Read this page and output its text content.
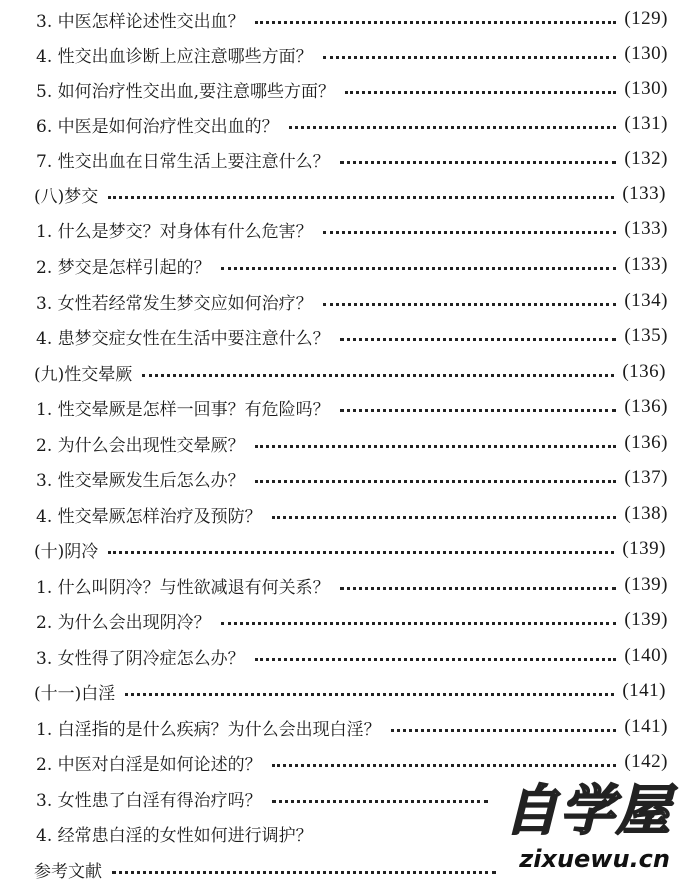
3. 中医怎样论述性交出血？	(129)
4. 性交出血诊断上应注意哪些方面？	(130)
5. 如何治疗性交出血,要注意哪些方面？	(130)
6. 中医是如何治疗性交出血的？	(131)
7. 性交出血在日常生活上要注意什么？	(132)
(八)梦交	(133)
1. 什么是梦交？对身体有什么危害？	(133)
2. 梦交是怎样引起的？	(133)
3. 女性若经常发生梦交应如何治疗？	(134)
4. 患梦交症女性在生活中要注意什么？	(135)
(九)性交晕厥	(136)
1. 性交晕厥是怎样一回事？有危险吗？	(136)
2. 为什么会出现性交晕厥？	(136)
3. 性交晕厥发生后怎么办？	(137)
4. 性交晕厥怎样治疗及预防？	(138)
(十)阴冷	(139)
1. 什么叫阴冷？与性欲减退有何关系？	(139)
2. 为什么会出现阴冷？	(139)
3. 女性得了阴冷症怎么办？	(140)
(十一)白淫	(141)
1. 白淫指的是什么疾病？为什么会出现白淫？	(141)
2. 中医对白淫是如何论述的？	(142)
3. 女性患了白淫有得治疗吗？
4. 经常患白淫的女性如何进行调护？
参考文献
自学屋
zixuewu.cn
